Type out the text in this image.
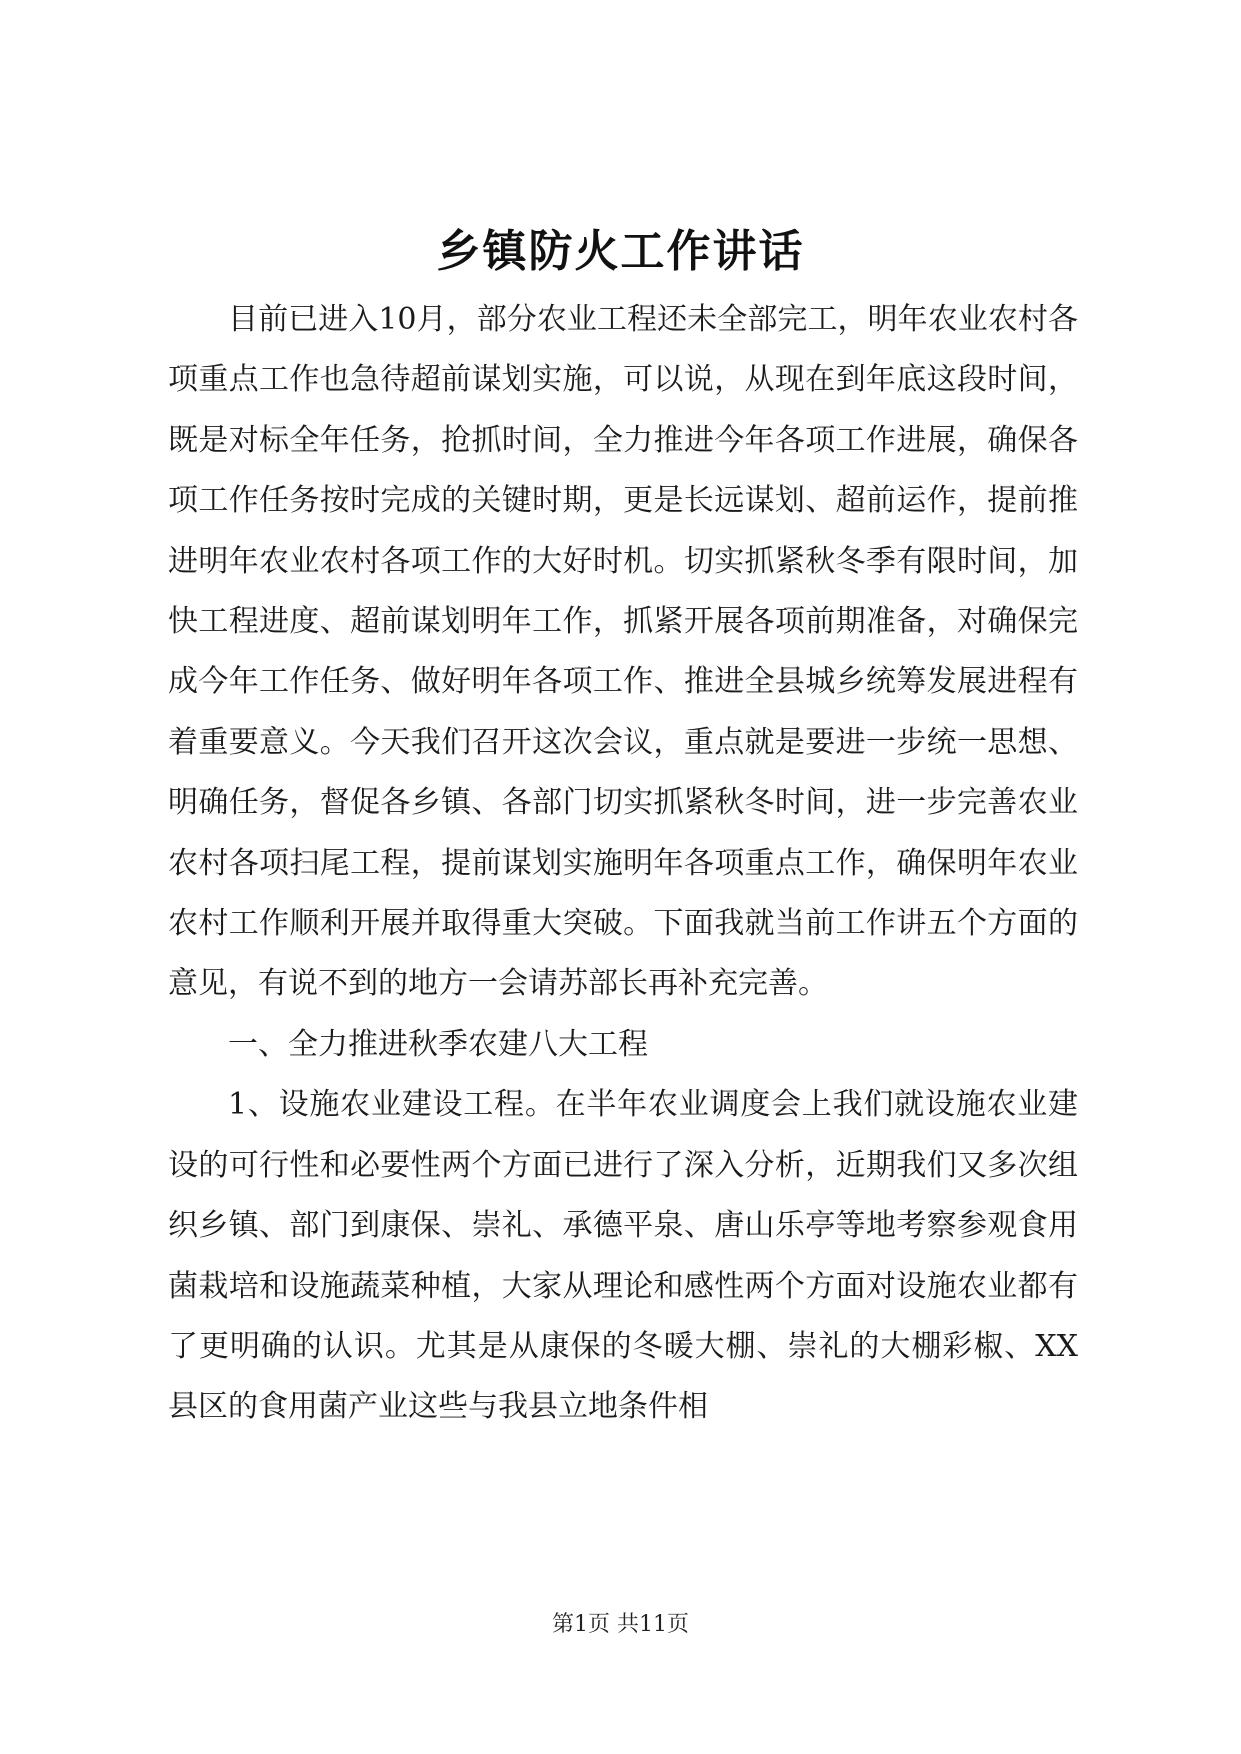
乡镇防火工作讲话

目前已进入10月，部分农业工程还未全部完工，明年农业农村各项重点工作也急待超前谋划实施，可以说，从现在到年底这段时间，既是对标全年任务，抢抓时间，全力推进今年各项工作进展，确保各项工作任务按时完成的关键时期，更是长远谋划、超前运作，提前推进明年农业农村各项工作的大好时机。切实抓紧秋冬季有限时间，加快工程进度、超前谋划明年工作，抓紧开展各项前期准备，对确保完成今年工作任务、做好明年各项工作、推进全县城乡统筹发展进程有着重要意义。今天我们召开这次会议，重点就是要进一步统一思想、明确任务，督促各乡镇、各部门切实抓紧秋冬时间，进一步完善农业农村各项扫尾工程，提前谋划实施明年各项重点工作，确保明年农业农村工作顺利开展并取得重大突破。下面我就当前工作讲五个方面的意见，有说不到的地方一会请苏部长再补充完善。

一、全力推进秋季农建八大工程

1、设施农业建设工程。在半年农业调度会上我们就设施农业建设的可行性和必要性两个方面已进行了深入分析，近期我们又多次组织乡镇、部门到康保、崇礼、承德平泉、唐山乐亭等地考察参观食用菌栽培和设施蔬菜种植，大家从理论和感性两个方面对设施农业都有了更明确的认识。尤其是从康保的冬暖大棚、崇礼的大棚彩椒、XX县区的食用菌产业这些与我县立地条件相

第1页 共11页
